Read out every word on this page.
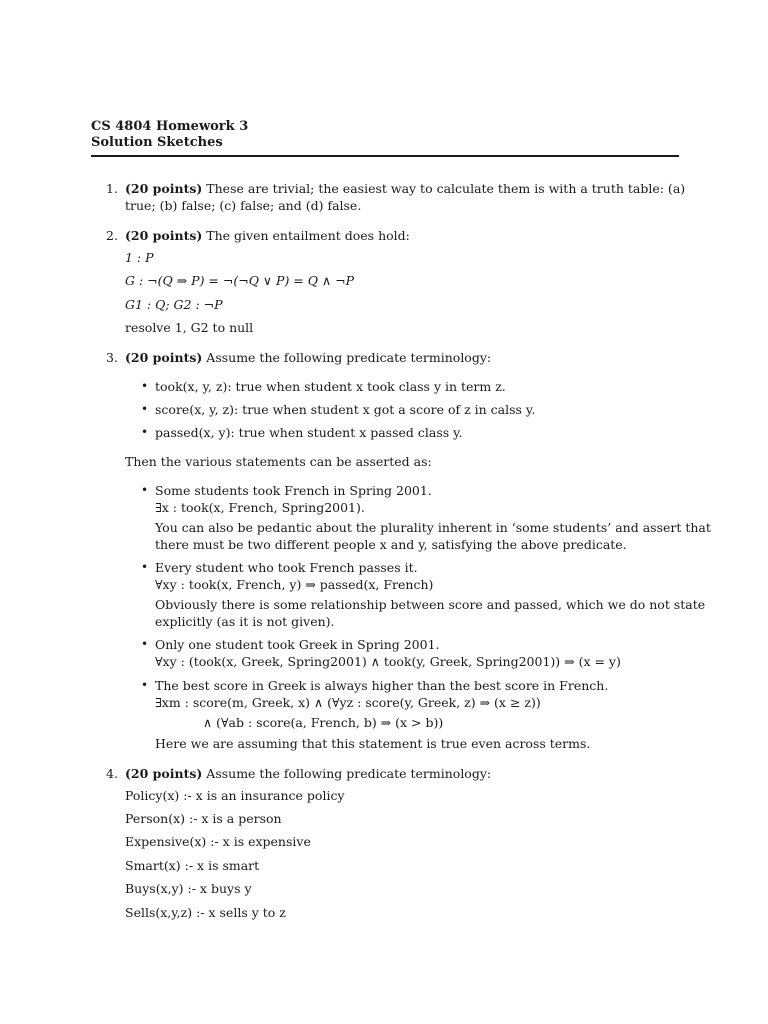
CS 4804 Homework 3
Solution Sketches
1. (20 points) These are trivial; the easiest way to calculate them is with a truth table: (a)
true; (b) false; (c) false; and (d) false.
2. (20 points) The given entailment does hold:
1 : P
G : ¬(Q ⇒ P) = ¬(¬Q ∨ P) = Q ∧ ¬P
G1 : Q; G2 : ¬P
resolve 1, G2 to null
3. (20 points) Assume the following predicate terminology:
• took(x, y, z): true when student x took class y in term z.
• score(x, y, z): true when student x got a score of z in calss y.
• passed(x, y): true when student x passed class y.
Then the various statements can be asserted as:
• Some students took French in Spring 2001.
∃x : took(x, French, Spring2001).
You can also be pedantic about the plurality inherent in ‘some students’ and assert that
there must be two different people x and y, satisfying the above predicate.
• Every student who took French passes it.
∀xy : took(x, French, y) ⇒ passed(x, French)
Obviously there is some relationship between score and passed, which we do not state
explicitly (as it is not given).
• Only one student took Greek in Spring 2001.
∀xy : (took(x, Greek, Spring2001) ∧ took(y, Greek, Spring2001)) ⇒ (x = y)
• The best score in Greek is always higher than the best score in French.
∃xm : score(m, Greek, x) ∧ (∀yz : score(y, Greek, z) ⇒ (x ≥ z))
∧ (∀ab : score(a, French, b) ⇒ (x > b))
Here we are assuming that this statement is true even across terms.
4. (20 points) Assume the following predicate terminology:
Policy(x) :- x is an insurance policy
Person(x) :- x is a person
Expensive(x) :- x is expensive
Smart(x) :- x is smart
Buys(x,y) :- x buys y
Sells(x,y,z) :- x sells y to z
